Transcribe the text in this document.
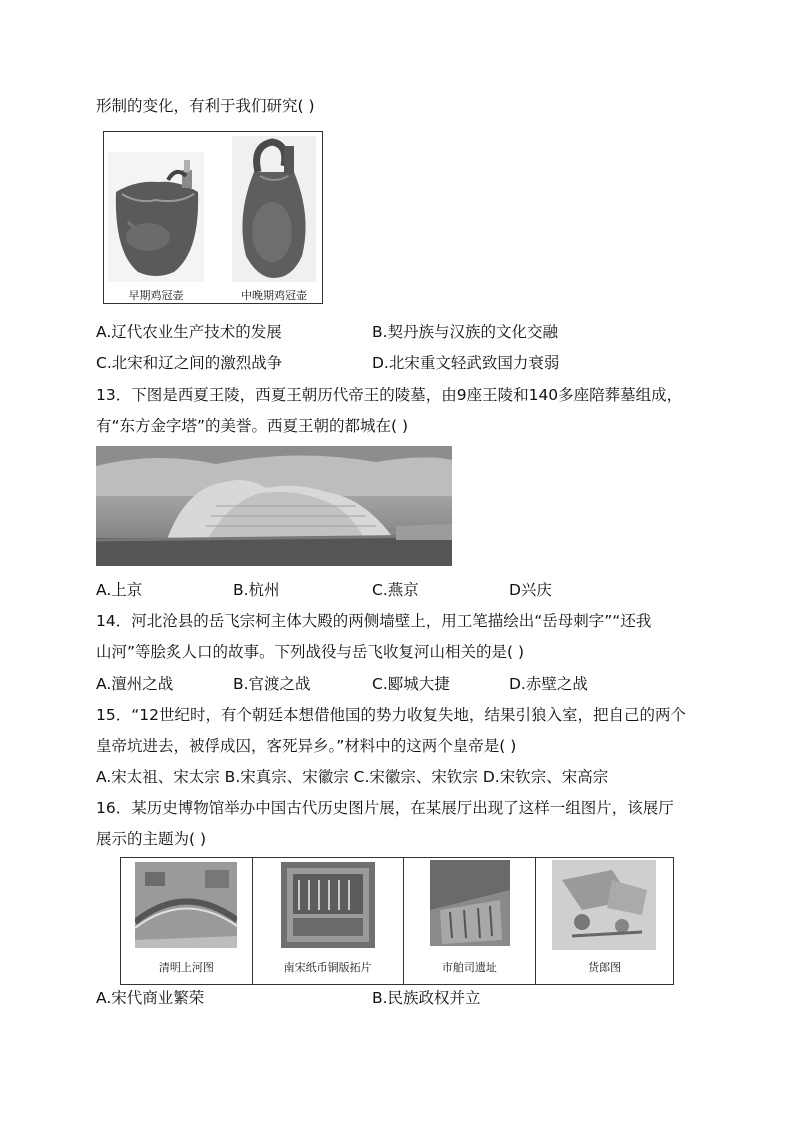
形制的变化，有利于我们研究( )
早期鸡冠壶	中晚期鸡冠壶
A.辽代农业生产技术的发展	B.契丹族与汉族的文化交融
C.北宋和辽之间的激烈战争	D.北宋重文轻武致国力衰弱
13．下图是西夏王陵，西夏王朝历代帝王的陵墓，由9座王陵和140多座陪葬墓组成，
有“东方金字塔”的美誉。西夏王朝的都城在( )
A.上京	B.杭州	C.燕京	D兴庆
14．河北沧县的岳飞宗柯主体大殿的两侧墙壁上，用工笔描绘出“岳母刺字”“还我
山河”等脍炙人口的故事。下列战役与岳飞收复河山相关的是( )
A.澶州之战	B.官渡之战	C.郾城大捷	D.赤壁之战
15．“12世纪时，有个朝廷本想借他国的势力收复失地，结果引狼入室，把自己的两个
皇帝坑进去，被俘成囚，客死异乡。”材料中的这两个皇帝是( )
A.宋太祖、宋太宗 B.宋真宗、宋徽宗 C.宋徽宗、宋钦宗 D.宋钦宗、宋高宗
16．某历史博物馆举办中国古代历史图片展，在某展厅出现了这样一组图片，该展厅
展示的主题为( )
清明上河图	南宋纸币铜版拓片	市舶司遗址	货郎图
A.宋代商业繁荣	B.民族政权并立
